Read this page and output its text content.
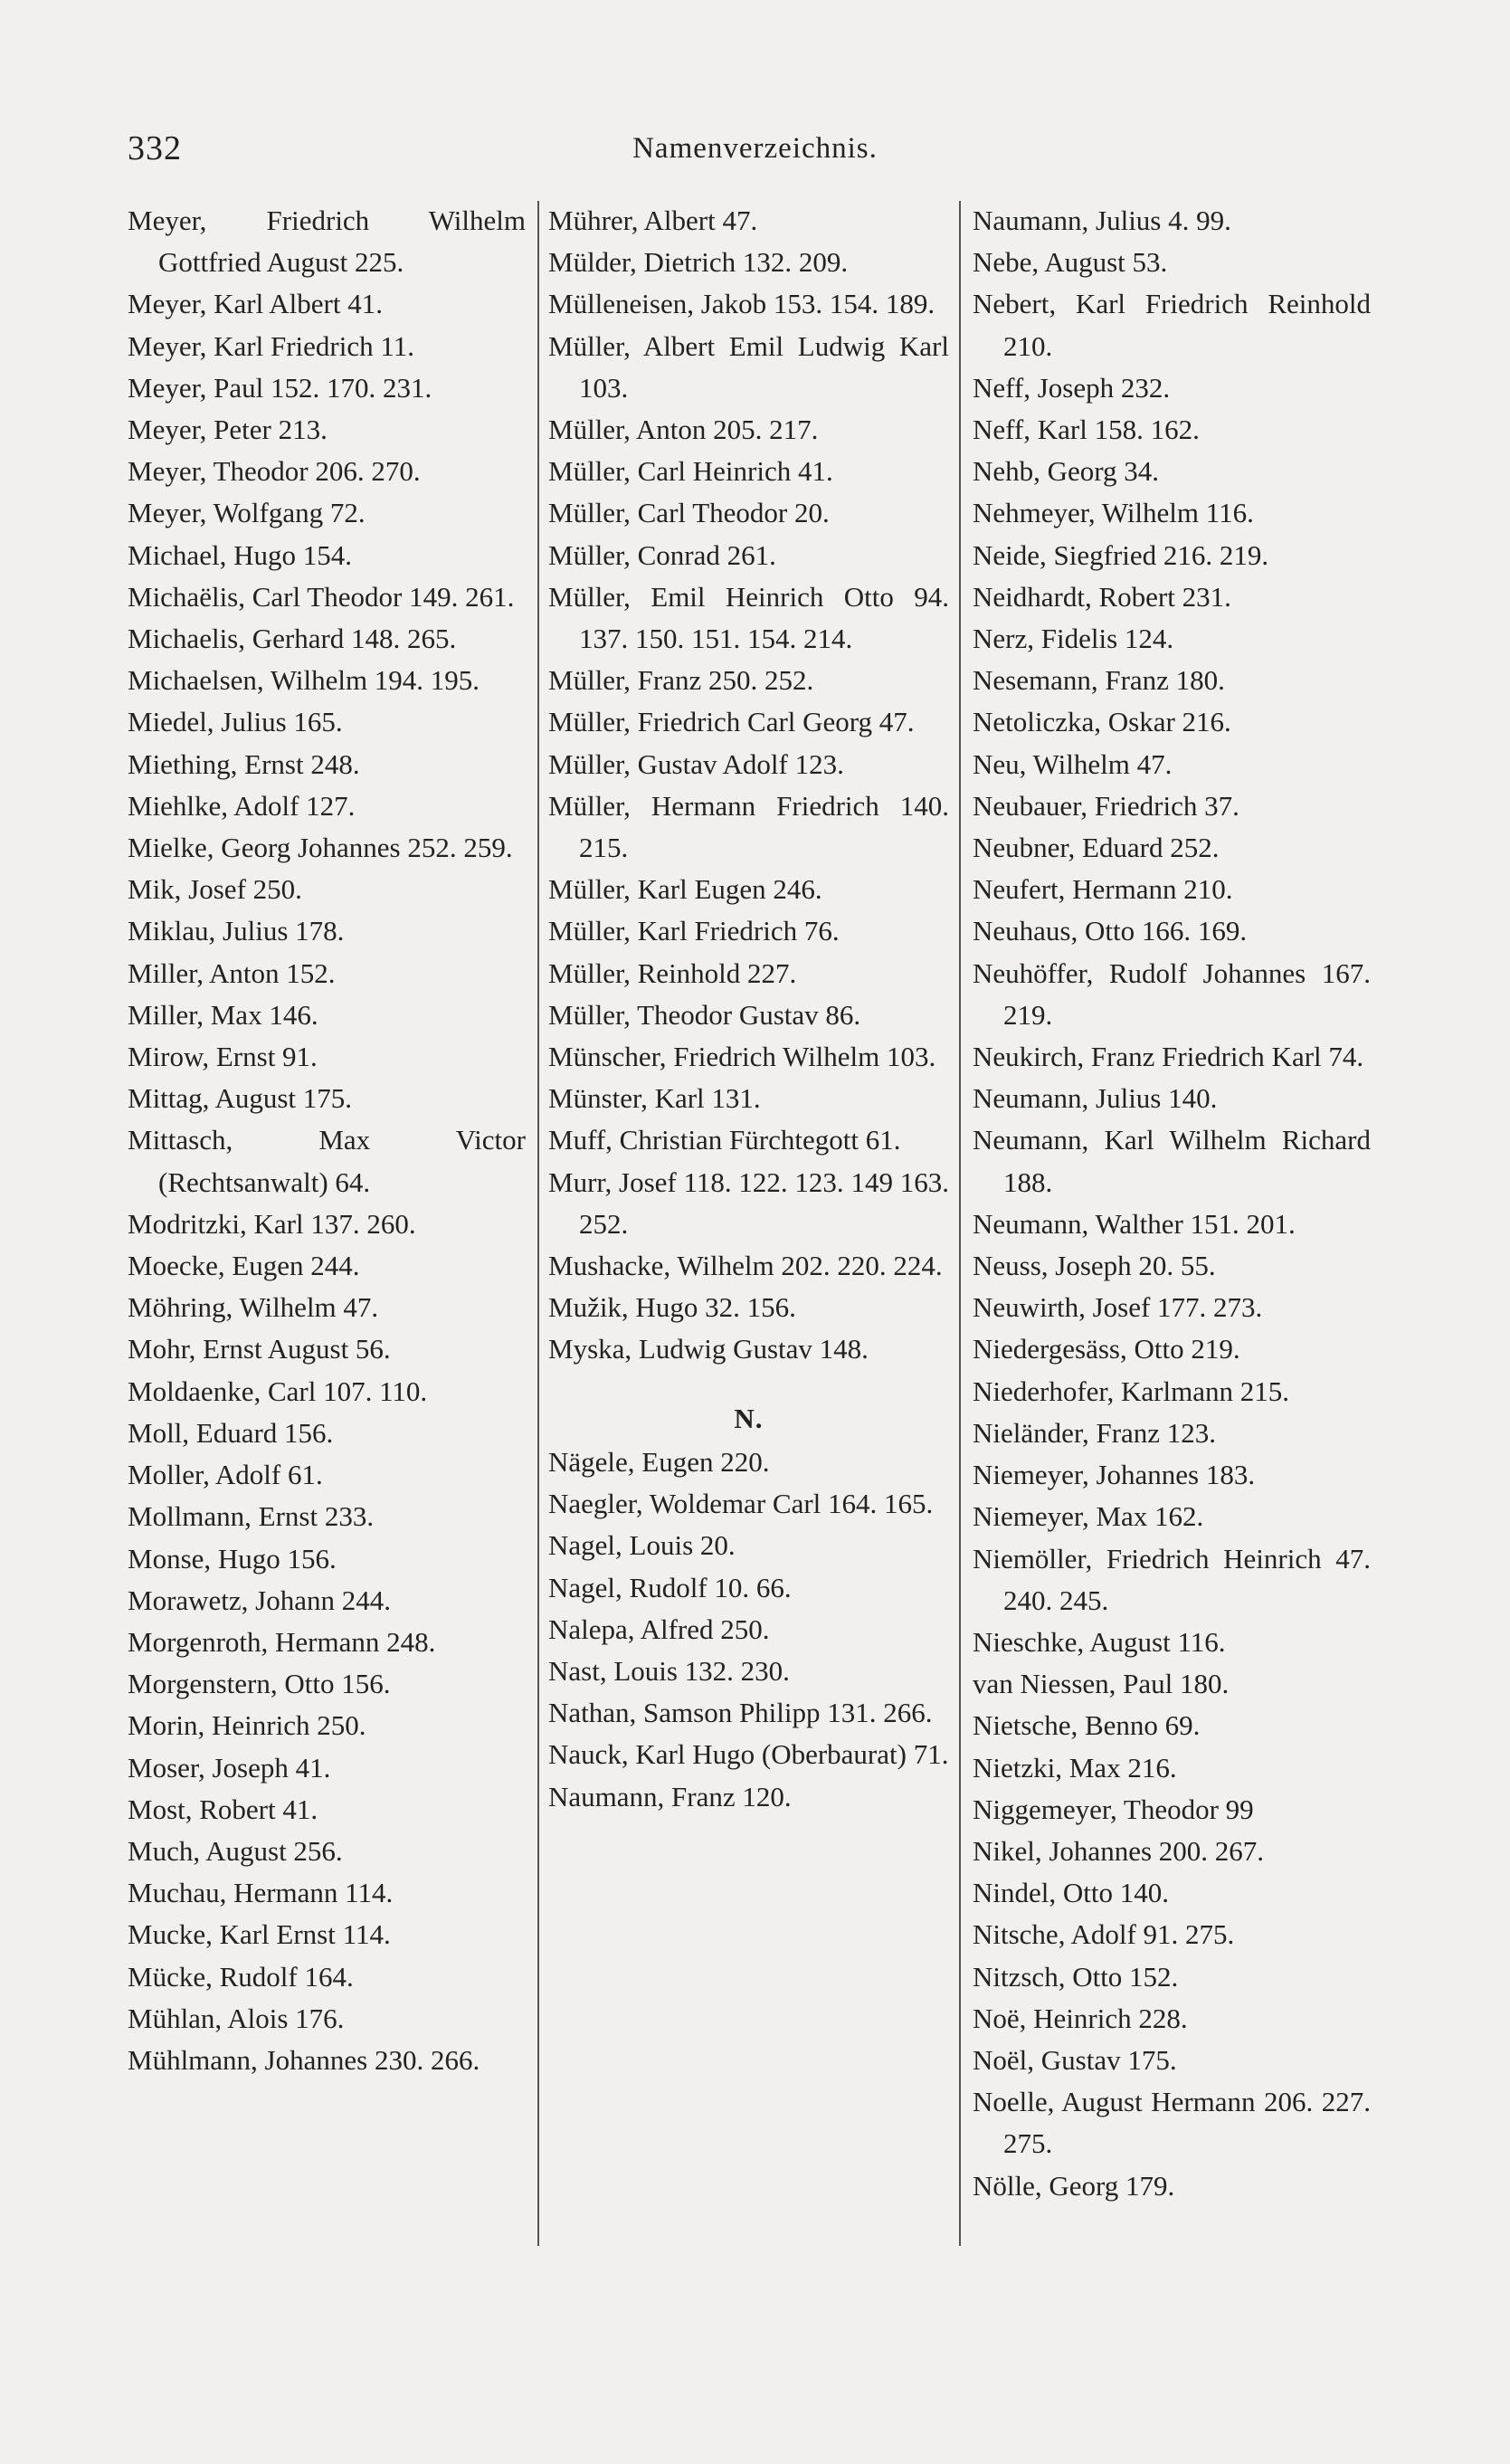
332	Namenverzeichnis.
Meyer, Friedrich Wilhelm Gottfried August 225.
Meyer, Karl Albert 41.
Meyer, Karl Friedrich 11.
Meyer, Paul 152. 170. 231.
Meyer, Peter 213.
Meyer, Theodor 206. 270.
Meyer, Wolfgang 72.
Michael, Hugo 154.
Michaëlis, Carl Theodor 149. 261.
Michaelis, Gerhard 148. 265.
Michaelsen, Wilhelm 194. 195.
Miedel, Julius 165.
Miething, Ernst 248.
Miehlke, Adolf 127.
Mielke, Georg Johannes 252. 259.
Mik, Josef 250.
Miklau, Julius 178.
Miller, Anton 152.
Miller, Max 146.
Mirow, Ernst 91.
Mittag, August 175.
Mittasch, Max Victor (Rechtsanwalt) 64.
Modritzki, Karl 137. 260.
Moecke, Eugen 244.
Möhring, Wilhelm 47.
Mohr, Ernst August 56.
Moldaenke, Carl 107. 110.
Moll, Eduard 156.
Moller, Adolf 61.
Mollmann, Ernst 233.
Monse, Hugo 156.
Morawetz, Johann 244.
Morgenroth, Hermann 248.
Morgenstern, Otto 156.
Morin, Heinrich 250.
Moser, Joseph 41.
Most, Robert 41.
Much, August 256.
Muchau, Hermann 114.
Mucke, Karl Ernst 114.
Mücke, Rudolf 164.
Mühlan, Alois 176.
Mühlmann, Johannes 230. 266.
Mührer, Albert 47.
Mülder, Dietrich 132. 209.
Mülleneisen, Jakob 153. 154. 189.
Müller, Albert Emil Ludwig Karl 103.
Müller, Anton 205. 217.
Müller, Carl Heinrich 41.
Müller, Carl Theodor 20.
Müller, Conrad 261.
Müller, Emil Heinrich Otto 94. 137. 150. 151. 154. 214.
Müller, Franz 250. 252.
Müller, Friedrich Carl Georg 47.
Müller, Gustav Adolf 123.
Müller, Hermann Friedrich 140. 215.
Müller, Karl Eugen 246.
Müller, Karl Friedrich 76.
Müller, Reinhold 227.
Müller, Theodor Gustav 86.
Münscher, Friedrich Wilhelm 103.
Münster, Karl 131.
Muff, Christian Fürchtegott 61.
Murr, Josef 118. 122. 123. 149 163. 252.
Mushacke, Wilhelm 202. 220. 224.
Mužik, Hugo 32. 156.
Myska, Ludwig Gustav 148.
N.
Nägele, Eugen 220.
Naegler, Woldemar Carl 164. 165.
Nagel, Louis 20.
Nagel, Rudolf 10. 66.
Nalepa, Alfred 250.
Nast, Louis 132. 230.
Nathan, Samson Philipp 131. 266.
Nauck, Karl Hugo (Oberbaurat) 71.
Naumann, Franz 120.
Naumann, Julius 4. 99.
Nebe, August 53.
Nebert, Karl Friedrich Reinhold 210.
Neff, Joseph 232.
Neff, Karl 158. 162.
Nehb, Georg 34.
Nehmeyer, Wilhelm 116.
Neide, Siegfried 216. 219.
Neidhardt, Robert 231.
Nerz, Fidelis 124.
Nesemann, Franz 180.
Netoliczka, Oskar 216.
Neu, Wilhelm 47.
Neubauer, Friedrich 37.
Neubner, Eduard 252.
Neufert, Hermann 210.
Neuhaus, Otto 166. 169.
Neuhöffer, Rudolf Johannes 167. 219.
Neukirch, Franz Friedrich Karl 74.
Neumann, Julius 140.
Neumann, Karl Wilhelm Richard 188.
Neumann, Walther 151. 201.
Neuss, Joseph 20. 55.
Neuwirth, Josef 177. 273.
Niedergesäss, Otto 219.
Niederhofer, Karlmann 215.
Nieländer, Franz 123.
Niemeyer, Johannes 183.
Niemeyer, Max 162.
Niemöller, Friedrich Heinrich 47. 240. 245.
Nieschke, August 116.
van Niessen, Paul 180.
Nietsche, Benno 69.
Nietzki, Max 216.
Niggemeyer, Theodor 99
Nikel, Johannes 200. 267.
Nindel, Otto 140.
Nitsche, Adolf 91. 275.
Nitzsch, Otto 152.
Noë, Heinrich 228.
Noël, Gustav 175.
Noelle, August Hermann 206. 227. 275.
Nölle, Georg 179.
